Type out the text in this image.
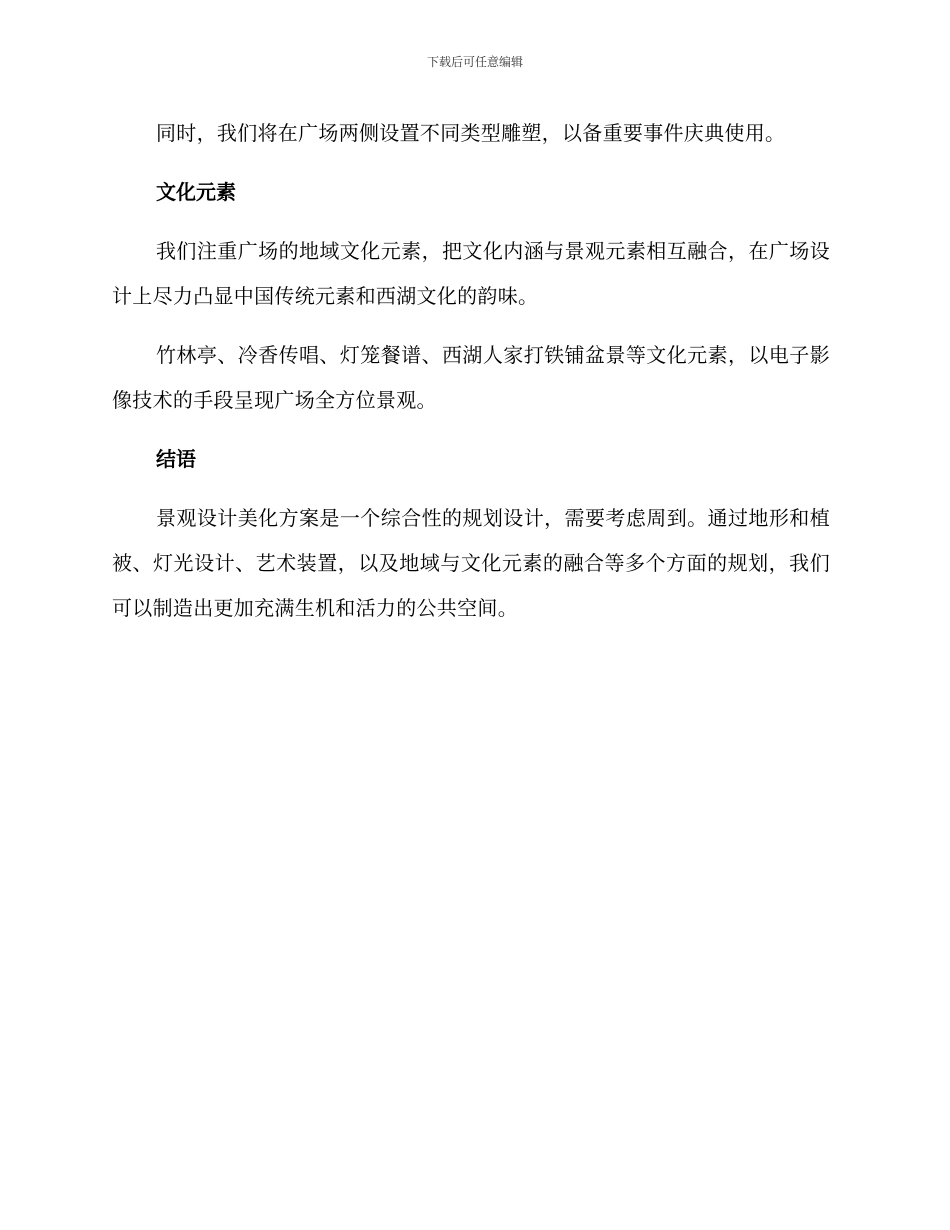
下载后可任意编辑

同时，我们将在广场两侧设置不同类型雕塑，以备重要事件庆典使用。

文化元素

我们注重广场的地域文化元素，把文化内涵与景观元素相互融合，在广场设计上尽力凸显中国传统元素和西湖文化的韵味。

竹林亭、冷香传唱、灯笼餐谱、西湖人家打铁铺盆景等文化元素，以电子影像技术的手段呈现广场全方位景观。

结语

景观设计美化方案是一个综合性的规划设计，需要考虑周到。通过地形和植被、灯光设计、艺术装置，以及地域与文化元素的融合等多个方面的规划，我们可以制造出更加充满生机和活力的公共空间。
